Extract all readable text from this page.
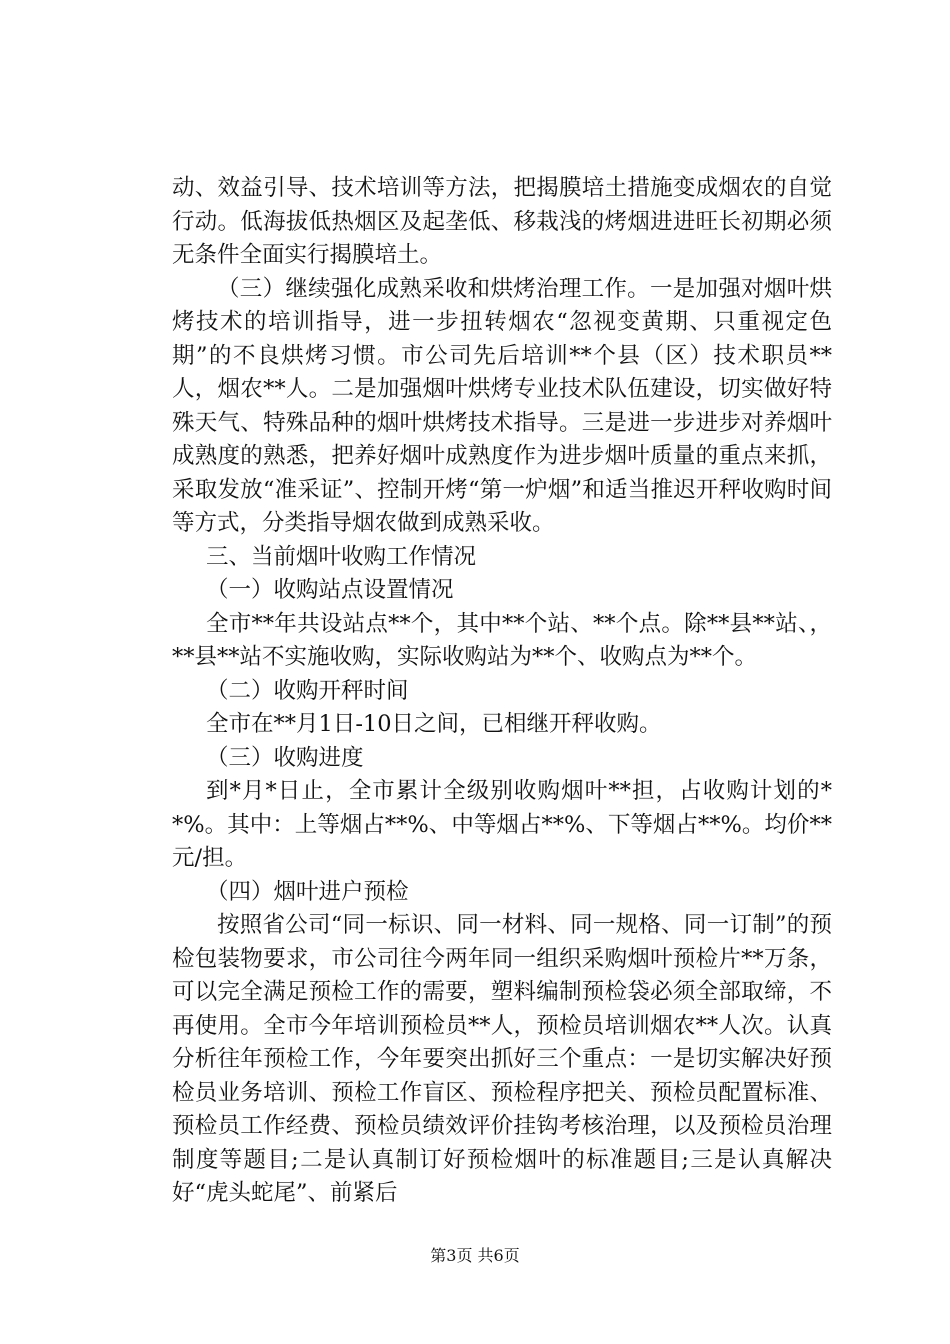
动、效益引导、技术培训等方法，把揭膜培土措施变成烟农的自觉行动。低海拔低热烟区及起垄低、移栽浅的烤烟进进旺长初期必须无条件全面实行揭膜培土。

（三）继续强化成熟采收和烘烤治理工作。一是加强对烟叶烘烤技术的培训指导，进一步扭转烟农“忽视变黄期、只重视定色期”的不良烘烤习惯。市公司先后培训**个县（区）技术职员**人，烟农**人。二是加强烟叶烘烤专业技术队伍建设，切实做好特殊天气、特殊品种的烟叶烘烤技术指导。三是进一步进步对养烟叶成熟度的熟悉，把养好烟叶成熟度作为进步烟叶质量的重点来抓，采取发放“准采证”、控制开烤“第一炉烟”和适当推迟开秤收购时间等方式，分类指导烟农做到成熟采收。

三、当前烟叶收购工作情况

（一）收购站点设置情况

全市**年共设站点**个，其中**个站、**个点。除**县**站、，**县**站不实施收购，实际收购站为**个、收购点为**个。

（二）收购开秤时间

全市在**月1日-10日之间，已相继开秤收购。

（三）收购进度

到*月*日止，全市累计全级别收购烟叶**担，占收购计划的**%。其中：上等烟占**%、中等烟占**%、下等烟占**%。均价**元/担。

（四）烟叶进户预检

按照省公司“同一标识、同一材料、同一规格、同一订制”的预检包装物要求，市公司往今两年同一组织采购烟叶预检片**万条，可以完全满足预检工作的需要，塑料编制预检袋必须全部取缔，不再使用。全市今年培训预检员**人，预检员培训烟农**人次。认真分析往年预检工作，今年要突出抓好三个重点：一是切实解决好预检员业务培训、预检工作盲区、预检程序把关、预检员配置标准、预检员工作经费、预检员绩效评价挂钩考核治理，以及预检员治理制度等题目;二是认真制订好预检烟叶的标准题目;三是认真解决好“虎头蛇尾”、前紧后

第3页 共6页
